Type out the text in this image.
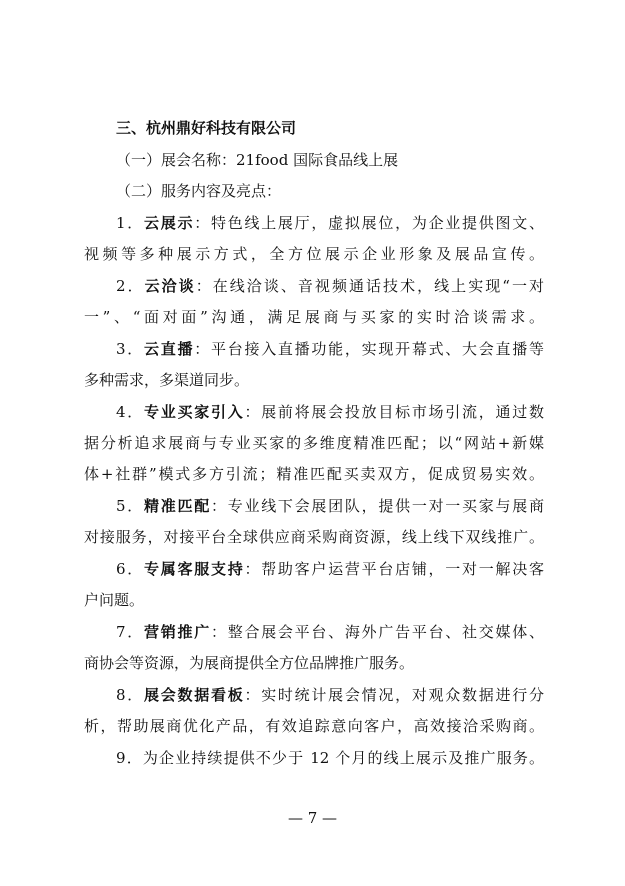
三、杭州鼎好科技有限公司
（一）展会名称：21food 国际食品线上展
（二）服务内容及亮点：
1．云展示：特色线上展厅，虚拟展位，为企业提供图文、
视频等多种展示方式，全方位展示企业形象及展品宣传。
2．云洽谈：在线洽谈、音视频通话技术，线上实现“一对
一”、“面对面”沟通，满足展商与买家的实时洽谈需求。
3．云直播：平台接入直播功能，实现开幕式、大会直播等
多种需求，多渠道同步。
4．专业买家引入：展前将展会投放目标市场引流，通过数
据分析追求展商与专业买家的多维度精准匹配；以“网站+新媒
体+社群”模式多方引流；精准匹配买卖双方，促成贸易实效。
5．精准匹配：专业线下会展团队，提供一对一买家与展商
对接服务，对接平台全球供应商采购商资源，线上线下双线推广。
6．专属客服支持：帮助客户运营平台店铺，一对一解决客
户问题。
7．营销推广：整合展会平台、海外广告平台、社交媒体、
商协会等资源，为展商提供全方位品牌推广服务。
8．展会数据看板：实时统计展会情况，对观众数据进行分
析，帮助展商优化产品，有效追踪意向客户，高效接洽采购商。
9．为企业持续提供不少于 12 个月的线上展示及推广服务。
— 7 —
